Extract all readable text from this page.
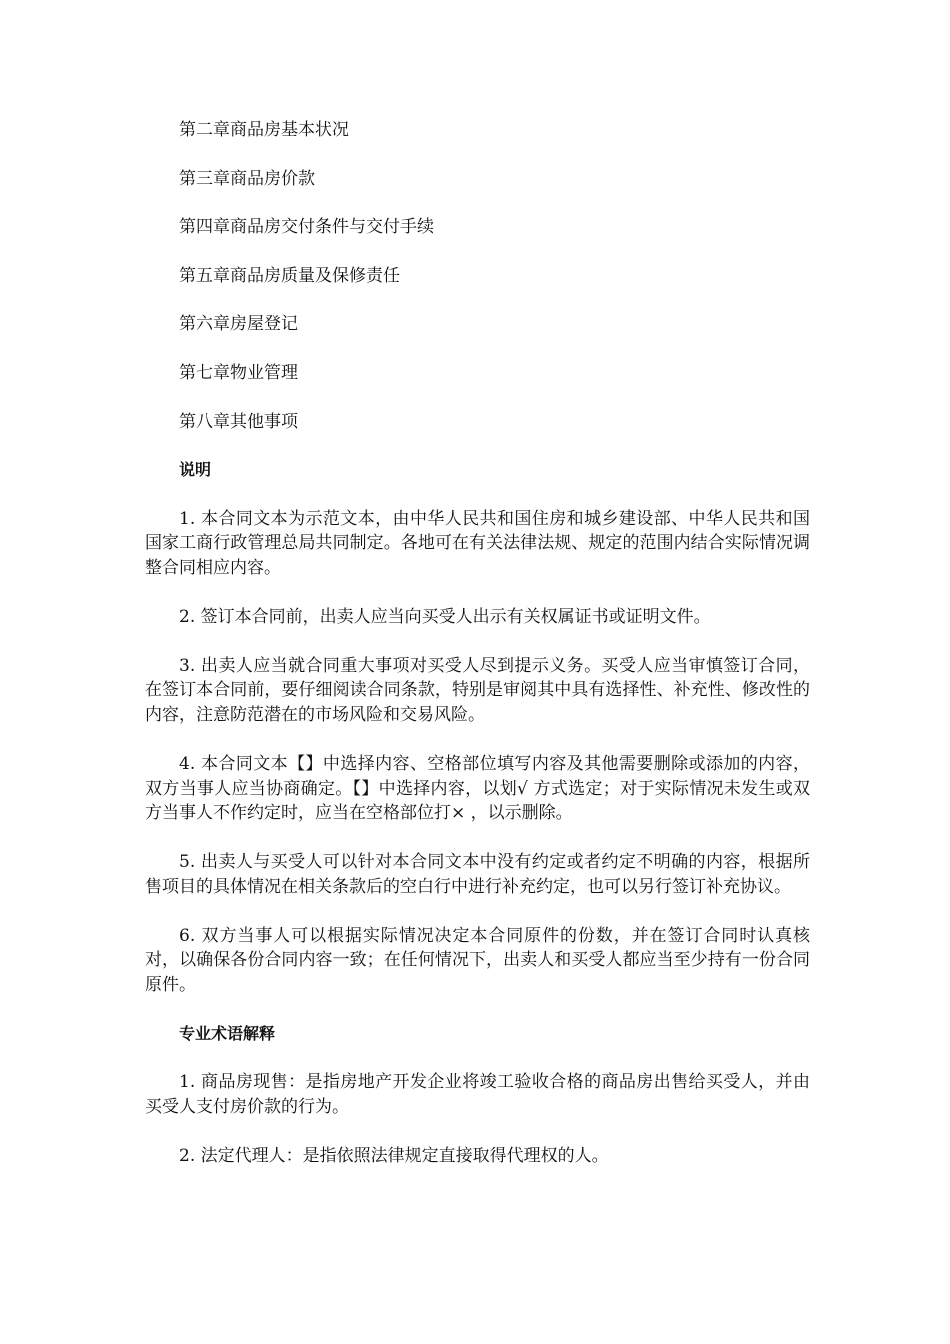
第二章商品房基本状况
第三章商品房价款
第四章商品房交付条件与交付手续
第五章商品房质量及保修责任
第六章房屋登记
第七章物业管理
第八章其他事项
说明

1. 本合同文本为示范文本，由中华人民共和国住房和城乡建设部、中华人民共和国国家工商行政管理总局共同制定。各地可在有关法律法规、规定的范围内结合实际情况调整合同相应内容。

2. 签订本合同前，出卖人应当向买受人出示有关权属证书或证明文件。

3. 出卖人应当就合同重大事项对买受人尽到提示义务。买受人应当审慎签订合同，在签订本合同前，要仔细阅读合同条款，特别是审阅其中具有选择性、补充性、修改性的内容，注意防范潜在的市场风险和交易风险。

4. 本合同文本【】中选择内容、空格部位填写内容及其他需要删除或添加的内容，双方当事人应当协商确定。【】中选择内容，以划√ 方式选定；对于实际情况未发生或双方当事人不作约定时，应当在空格部位打× ，以示删除。

5. 出卖人与买受人可以针对本合同文本中没有约定或者约定不明确的内容，根据所售项目的具体情况在相关条款后的空白行中进行补充约定，也可以另行签订补充协议。

6. 双方当事人可以根据实际情况决定本合同原件的份数，并在签订合同时认真核对，以确保各份合同内容一致；在任何情况下，出卖人和买受人都应当至少持有一份合同原件。

专业术语解释

1. 商品房现售：是指房地产开发企业将竣工验收合格的商品房出售给买受人，并由买受人支付房价款的行为。

2. 法定代理人：是指依照法律规定直接取得代理权的人。
